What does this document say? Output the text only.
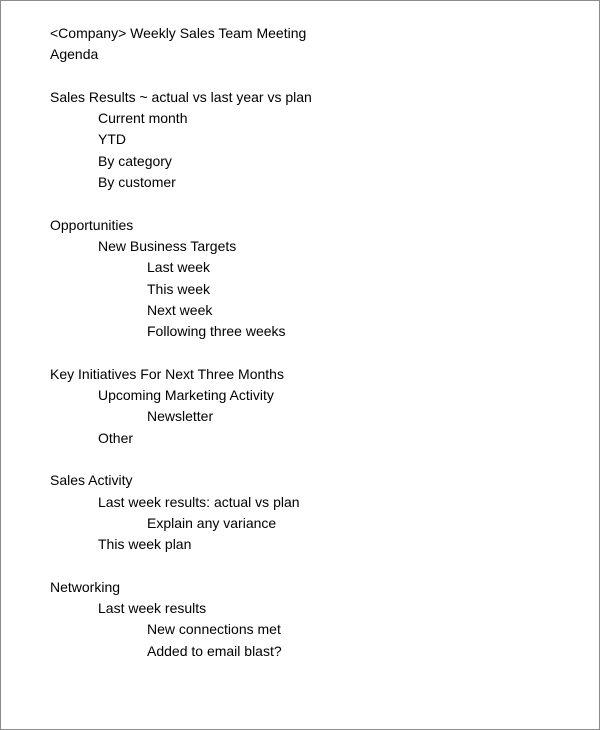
<Company> Weekly Sales Team Meeting
Agenda
Sales Results ~ actual vs last year vs plan
Current month
YTD
By category
By customer
Opportunities
New Business Targets
Last week
This week
Next week
Following three weeks
Key Initiatives For Next Three Months
Upcoming Marketing Activity
Newsletter
Other
Sales Activity
Last week results: actual vs plan
Explain any variance
This week plan
Networking
Last week results
New connections met
Added to email blast?
